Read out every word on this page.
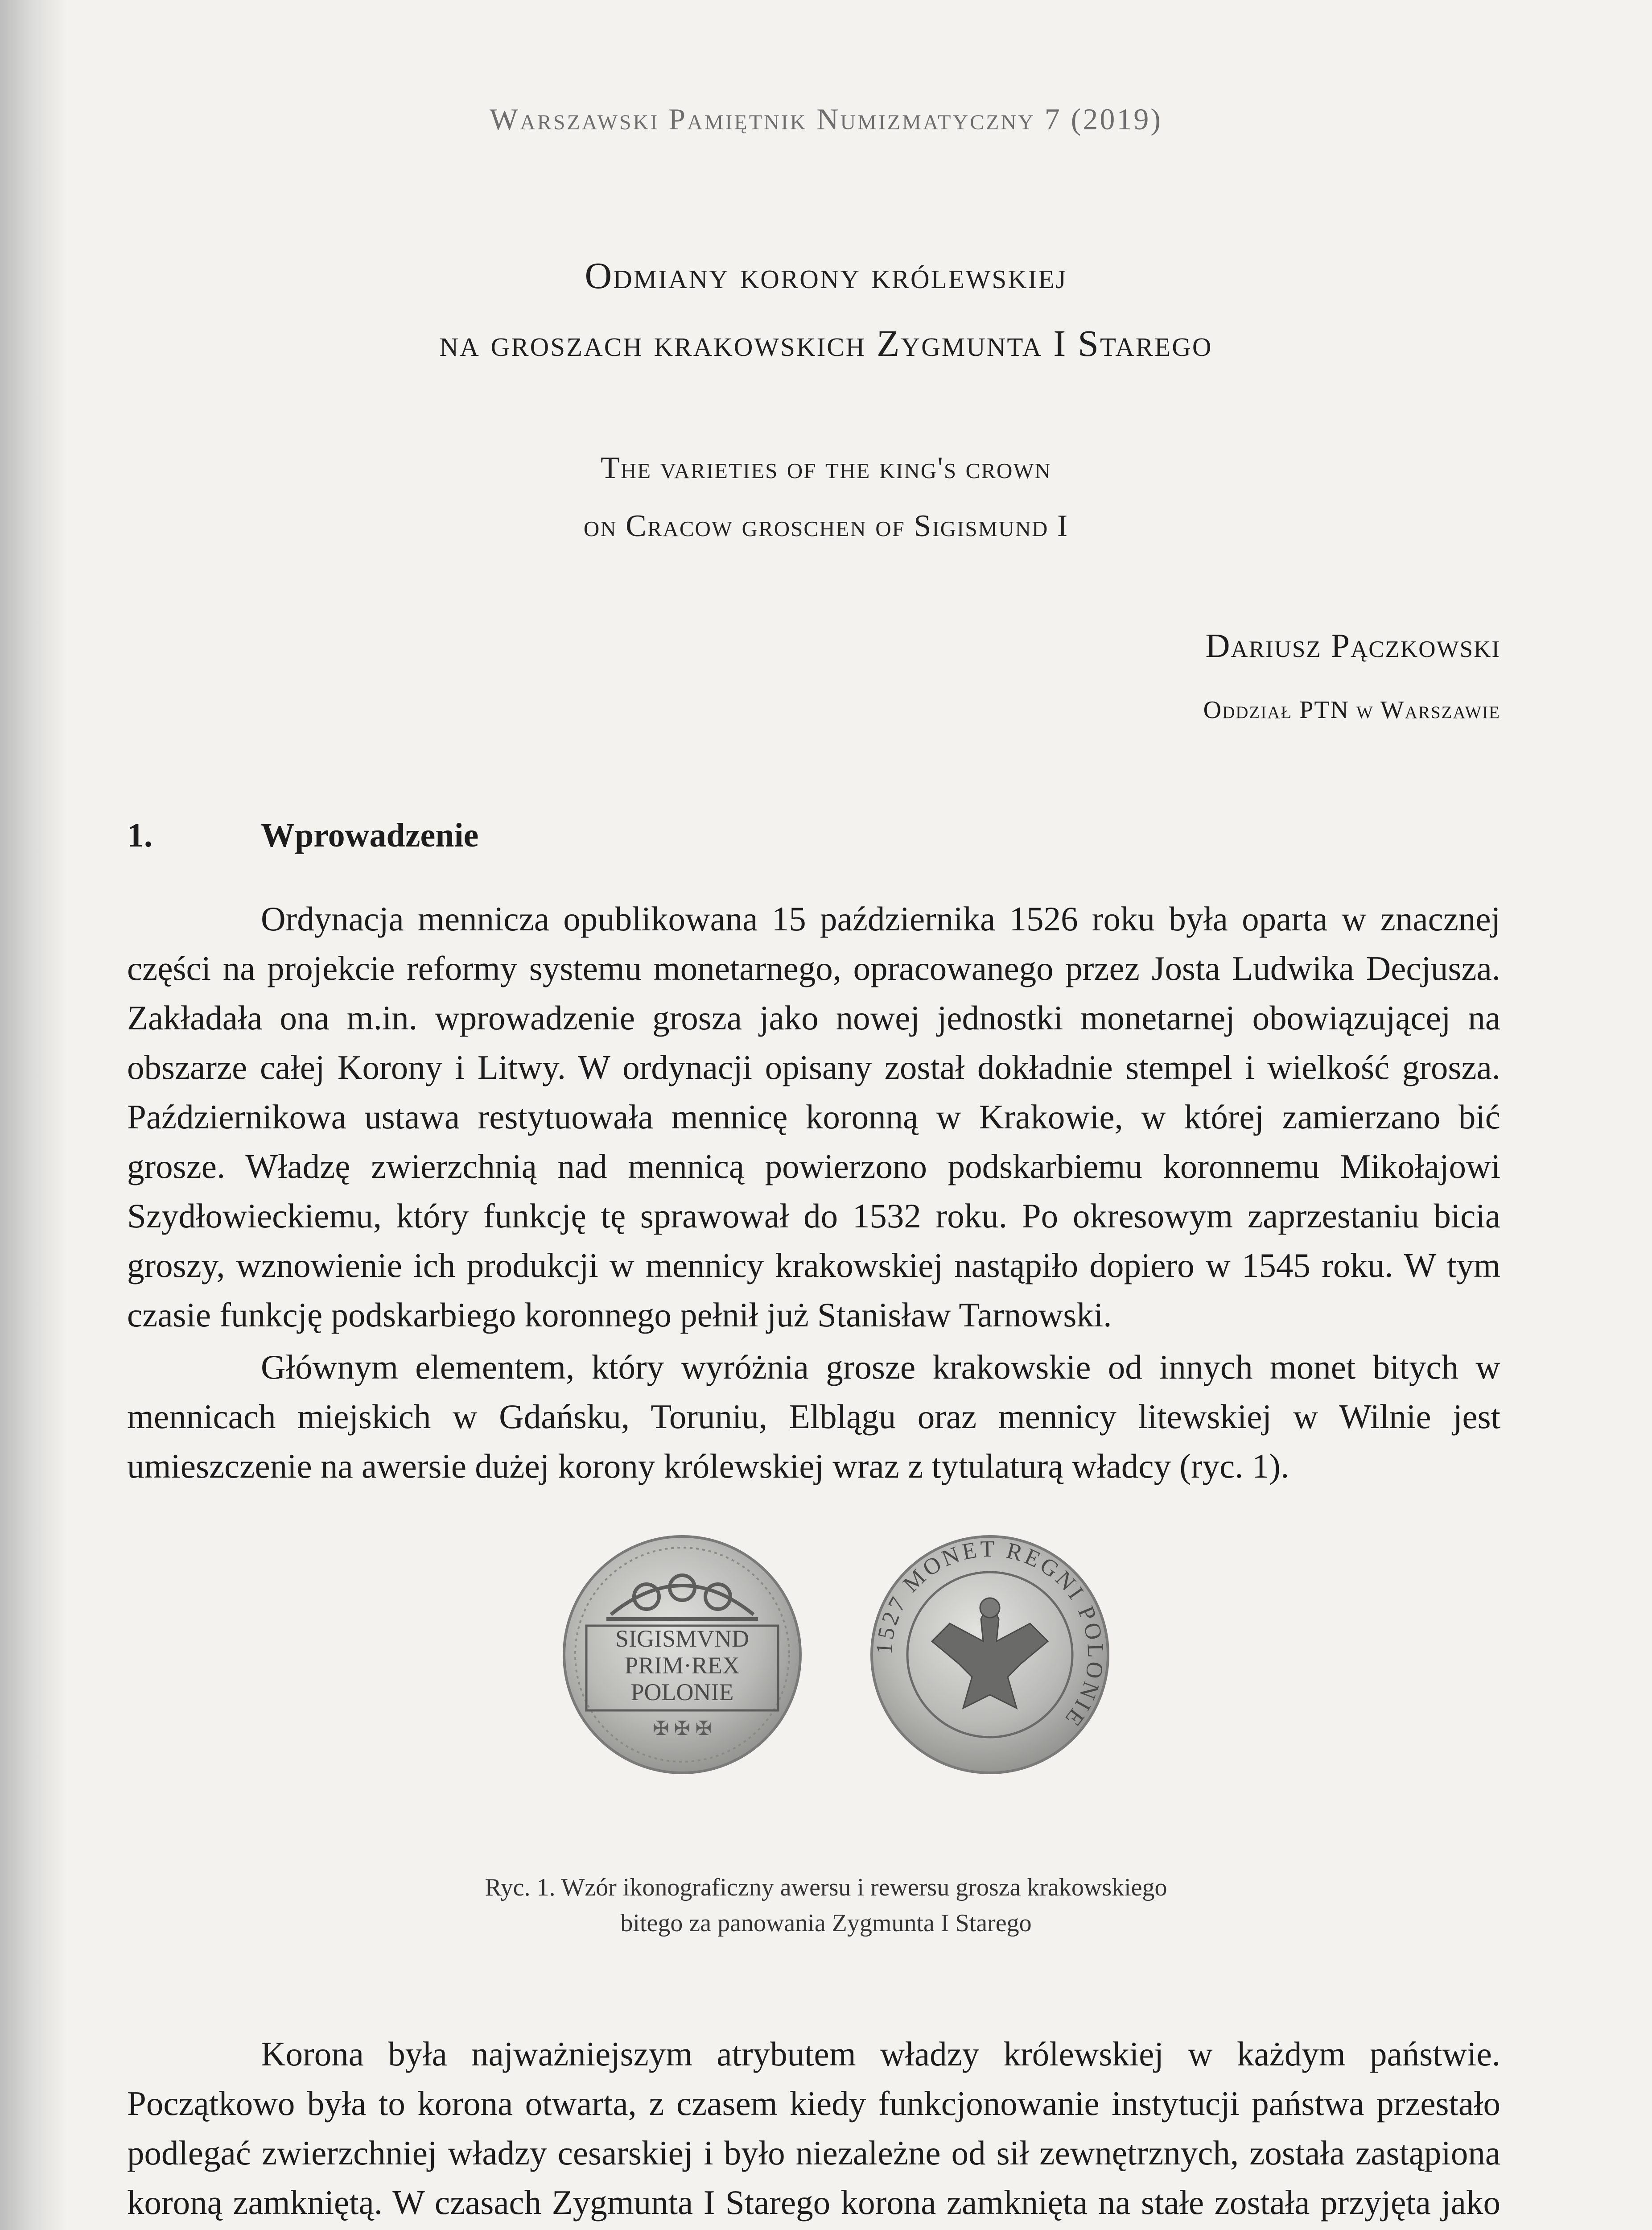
Warszawski Pamiętnik Numizmatyczny 7 (2019)
Odmiany korony królewskiej
na groszach krakowskich Zygmunta I Starego
The varieties of the king's crown
on Cracow groschen of Sigismund I
Dariusz Pączkowski
Oddział PTN w Warszawie
1.	Wprowadzenie

Ordynacja mennicza opublikowana 15 października 1526 roku była oparta w znacznej części na projekcie reformy systemu monetarnego, opracowanego przez Josta Ludwika Decjusza. Zakładała ona m.in. wprowadzenie grosza jako nowej jednostki monetarnej obowiązującej na obszarze całej Korony i Litwy. W ordynacji opisany został dokładnie stempel i wielkość grosza. Październikowa ustawa restytuowała mennicę koronną w Krakowie, w której zamierzano bić grosze. Władzę zwierzchnią nad mennicą powierzono podskarbiemu koronnemu Mikołajowi Szydłowieckiemu, który funkcję tę sprawował do 1532 roku. Po okresowym zaprzestaniu bicia groszy, wznowienie ich produkcji w mennicy krakowskiej nastąpiło dopiero w 1545 roku. W tym czasie funkcję podskarbiego koronnego pełnił już Stanisław Tarnowski.

Głównym elementem, który wyróżnia grosze krakowskie od innych monet bitych w mennicach miejskich w Gdańsku, Toruniu, Elblągu oraz mennicy litewskiej w Wilnie jest umieszczenie na awersie dużej korony królewskiej wraz z tytulaturą władcy (ryc. 1).

SIGISMVND
PRIM·REX
POLONIE
✠ ✠ ✠
1527 MONET REGNI POLONIE
Ryc. 1. Wzór ikonograficzny awersu i rewersu grosza krakowskiego
bitego za panowania Zygmunta I Starego

Korona była najważniejszym atrybutem władzy królewskiej w każdym państwie. Początkowo była to korona otwarta, z czasem kiedy funkcjonowanie instytucji państwa przestało podlegać zwierzchniej władzy cesarskiej i było niezależne od sił zewnętrznych, została zastąpiona koroną zamkniętą. W czasach Zygmunta I Starego korona zamknięta na stałe została przyjęta jako
